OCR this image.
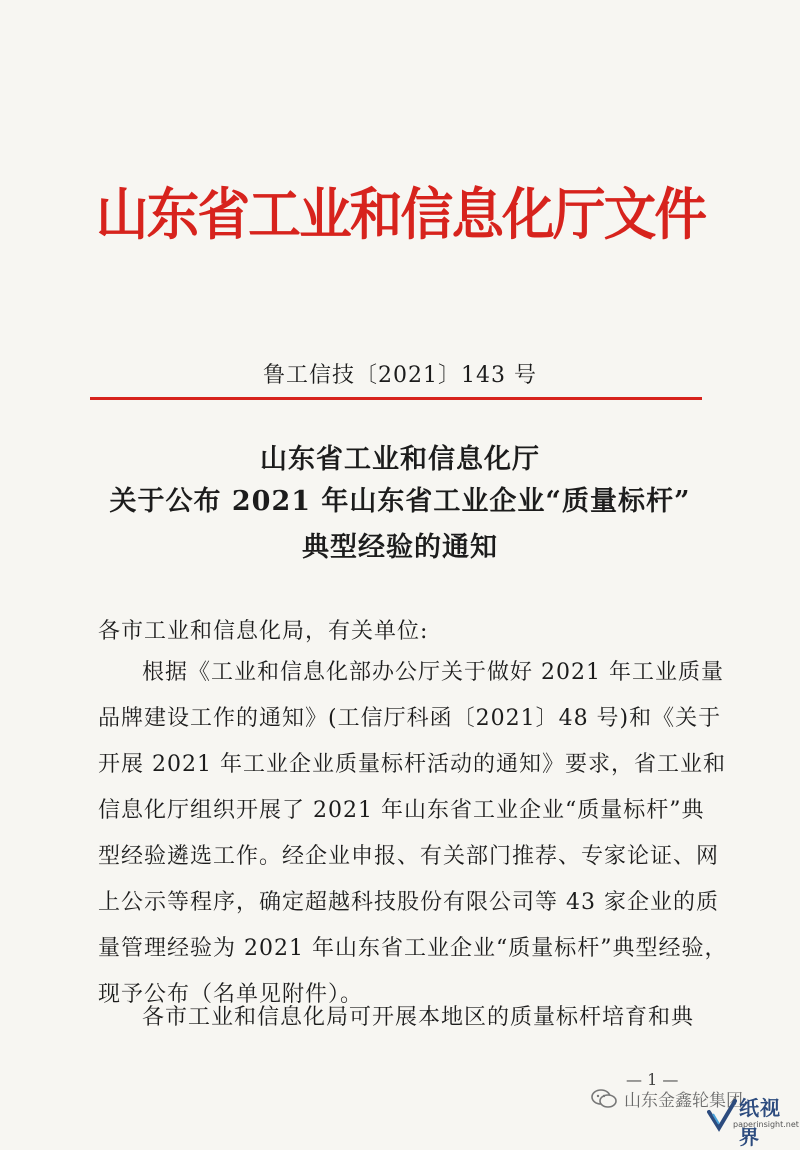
山东省工业和信息化厅文件
鲁工信技〔2021〕143 号
山东省工业和信息化厅
关于公布 2021 年山东省工业企业“质量标杆”
典型经验的通知
各市工业和信息化局，有关单位:
根据《工业和信息化部办公厅关于做好 2021 年工业质量
品牌建设工作的通知》(工信厅科函〔2021〕48 号)和《关于
开展 2021 年工业企业质量标杆活动的通知》要求，省工业和
信息化厅组织开展了 2021 年山东省工业企业“质量标杆”典
型经验遴选工作。经企业申报、有关部门推荐、专家论证、网
上公示等程序，确定超越科技股份有限公司等 43 家企业的质
量管理经验为 2021 年山东省工业企业“质量标杆”典型经验，
现予公布（名单见附件）。
各市工业和信息化局可开展本地区的质量标杆培育和典
— 1 —
山东金鑫轮集团
纸视界
paperinsight.net
